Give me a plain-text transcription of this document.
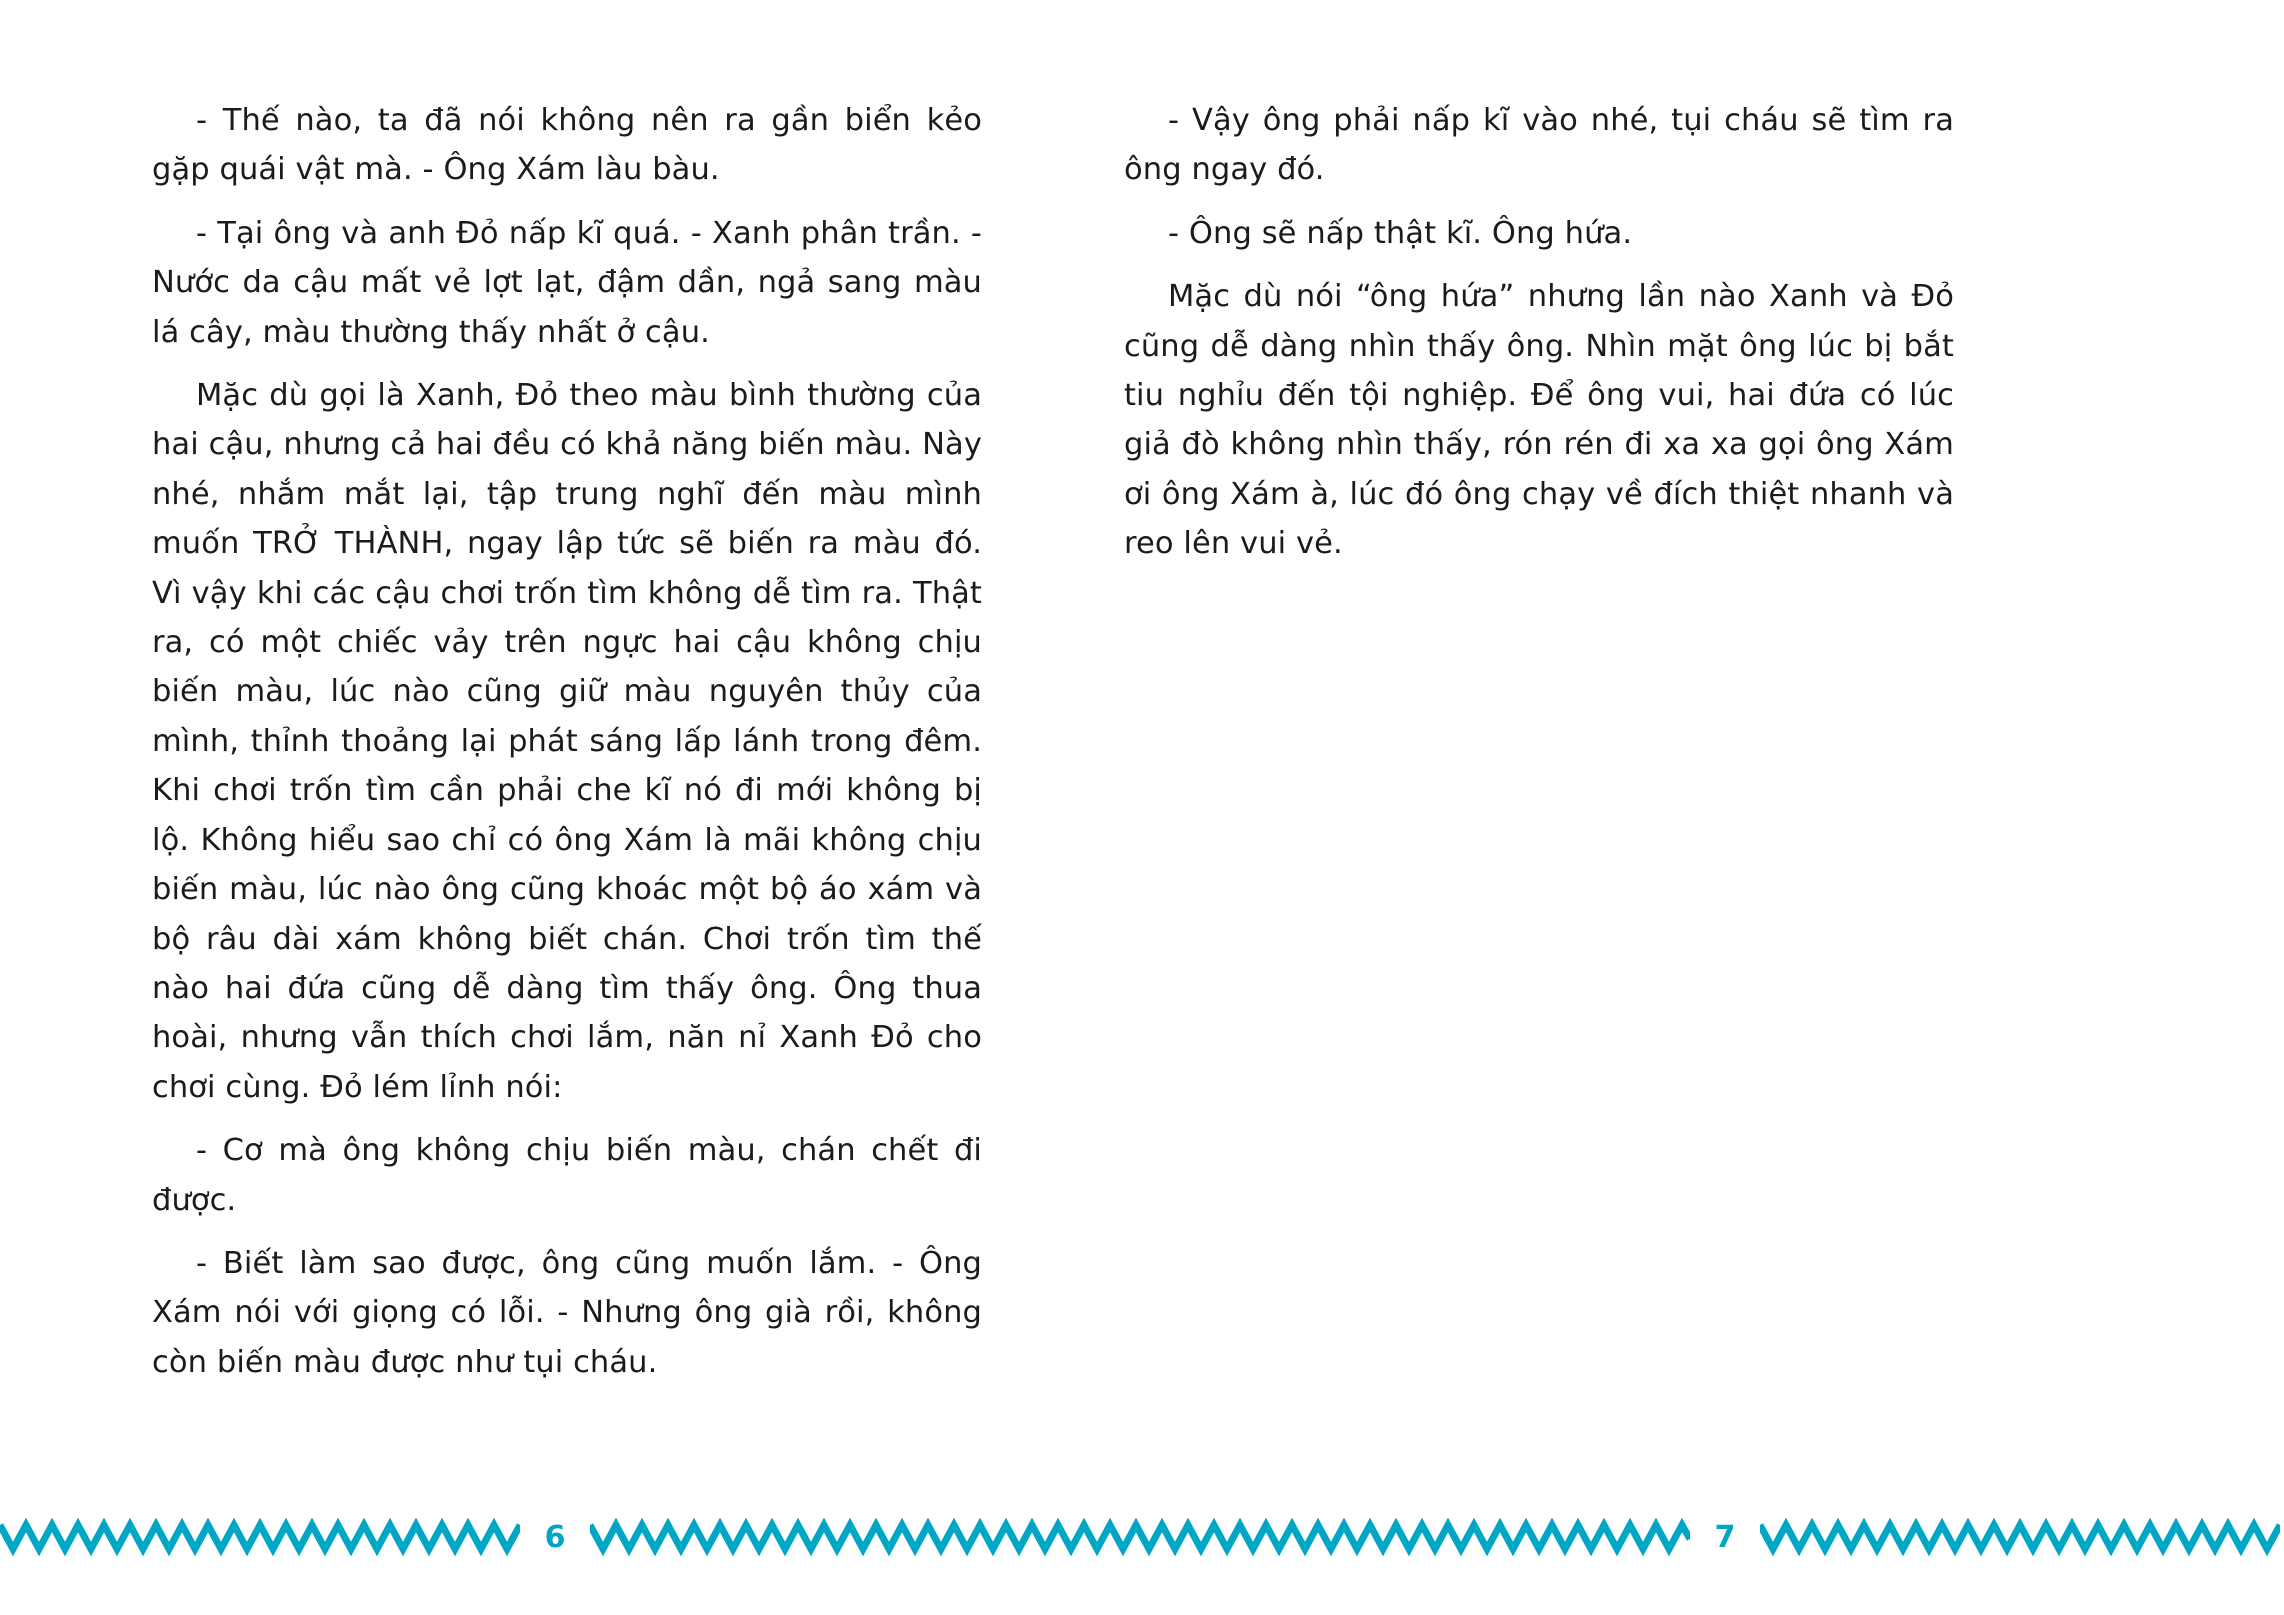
- Thế nào, ta đã nói không nên ra gần biển kẻo gặp quái vật mà. - Ông Xám làu bàu.

- Tại ông và anh Đỏ nấp kĩ quá. - Xanh phân trần. - Nước da cậu mất vẻ lợt lạt, đậm dần, ngả sang màu lá cây, màu thường thấy nhất ở cậu.

Mặc dù gọi là Xanh, Đỏ theo màu bình thường của hai cậu, nhưng cả hai đều có khả năng biến màu. Này nhé, nhắm mắt lại, tập trung nghĩ đến màu mình muốn TRỞ THÀNH, ngay lập tức sẽ biến ra màu đó. Vì vậy khi các cậu chơi trốn tìm không dễ tìm ra. Thật ra, có một chiếc vảy trên ngực hai cậu không chịu biến màu, lúc nào cũng giữ màu nguyên thủy của mình, thỉnh thoảng lại phát sáng lấp lánh trong đêm. Khi chơi trốn tìm cần phải che kĩ nó đi mới không bị lộ. Không hiểu sao chỉ có ông Xám là mãi không chịu biến màu, lúc nào ông cũng khoác một bộ áo xám và bộ râu dài xám không biết chán. Chơi trốn tìm thế nào hai đứa cũng dễ dàng tìm thấy ông. Ông thua hoài, nhưng vẫn thích chơi lắm, năn nỉ Xanh Đỏ cho chơi cùng. Đỏ lém lỉnh nói:

- Cơ mà ông không chịu biến màu, chán chết đi được.

- Biết làm sao được, ông cũng muốn lắm. - Ông Xám nói với giọng có lỗi. - Nhưng ông già rồi, không còn biến màu được như tụi cháu.

- Vậy ông phải nấp kĩ vào nhé, tụi cháu sẽ tìm ra ông ngay đó.

- Ông sẽ nấp thật kĩ. Ông hứa.

Mặc dù nói “ông hứa” nhưng lần nào Xanh và Đỏ cũng dễ dàng nhìn thấy ông. Nhìn mặt ông lúc bị bắt tiu nghỉu đến tội nghiệp. Để ông vui, hai đứa có lúc giả đò không nhìn thấy, rón rén đi xa xa gọi ông Xám ơi ông Xám à, lúc đó ông chạy về đích thiệt nhanh và reo lên vui vẻ.

6	7
